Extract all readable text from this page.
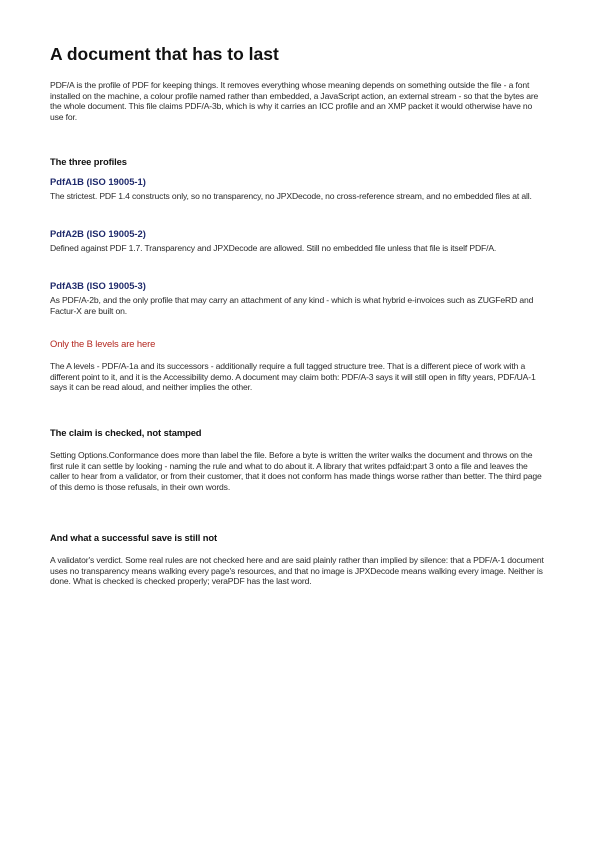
A document that has to last

PDF/A is the profile of PDF for keeping things. It removes everything whose meaning depends on something outside the file - a font installed on the machine, a colour profile named rather than embedded, a JavaScript action, an external stream - so that the bytes are the whole document. This file claims PDF/A-3b, which is why it carries an ICC profile and an XMP packet it would otherwise have no use for.

The three profiles
PdfA1B (ISO 19005-1)

The strictest. PDF 1.4 constructs only, so no transparency, no JPXDecode, no cross-reference stream, and no embedded files at all.

PdfA2B (ISO 19005-2)

Defined against PDF 1.7. Transparency and JPXDecode are allowed. Still no embedded file unless that file is itself PDF/A.

PdfA3B (ISO 19005-3)

As PDF/A-2b, and the only profile that may carry an attachment of any kind - which is what hybrid e-invoices such as ZUGFeRD and Factur-X are built on.

Only the B levels are here

The A levels - PDF/A-1a and its successors - additionally require a full tagged structure tree. That is a different piece of work with a different point to it, and it is the Accessibility demo. A document may claim both: PDF/A-3 says it will still open in fifty years, PDF/UA-1 says it can be read aloud, and neither implies the other.

The claim is checked, not stamped

Setting Options.Conformance does more than label the file. Before a byte is written the writer walks the document and throws on the first rule it can settle by looking - naming the rule and what to do about it. A library that writes pdfaid:part 3 onto a file and leaves the caller to hear from a validator, or from their customer, that it does not conform has made things worse rather than better. The third page of this demo is those refusals, in their own words.

And what a successful save is still not

A validator's verdict. Some real rules are not checked here and are said plainly rather than implied by silence: that a PDF/A-1 document uses no transparency means walking every page's resources, and that no image is JPXDecode means walking every image. Neither is done. What is checked is checked properly; veraPDF has the last word.
